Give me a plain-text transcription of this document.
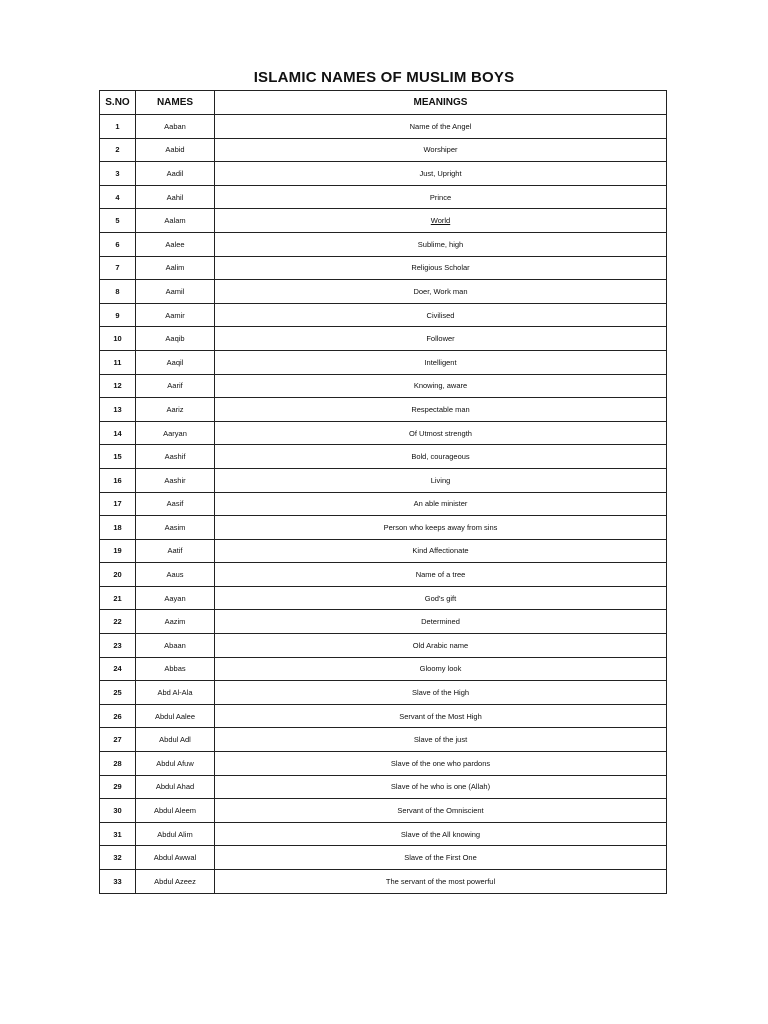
ISLAMIC NAMES OF MUSLIM BOYS
S.NO	NAMES	MEANINGS
1	Aaban	Name of the Angel
2	Aabid	Worshiper
3	Aadil	Just, Upright
4	Aahil	Prince
5	Aalam	World
6	Aalee	Sublime, high
7	Aalim	Religious Scholar
8	Aamil	Doer, Work man
9	Aamir	Civilised
10	Aaqib	Follower
11	Aaqil	Intelligent
12	Aarif	Knowing, aware
13	Aariz	Respectable man
14	Aaryan	Of Utmost strength
15	Aashif	Bold, courageous
16	Aashir	Living
17	Aasif	An able minister
18	Aasim	Person who keeps away from sins
19	Aatif	Kind Affectionate
20	Aaus	Name of a tree
21	Aayan	God's gift
22	Aazim	Determined
23	Abaan	Old Arabic name
24	Abbas	Gloomy look
25	Abd Al-Ala	Slave of the High
26	Abdul Aalee	Servant of the Most High
27	Abdul Adl	Slave of the just
28	Abdul Afuw	Slave of the one who pardons
29	Abdul Ahad	Slave of he who is one (Allah)
30	Abdul Aleem	Servant of the Omniscient
31	Abdul Alim	Slave of the All knowing
32	Abdul Awwal	Slave of the First One
33	Abdul Azeez	The servant of the most powerful
